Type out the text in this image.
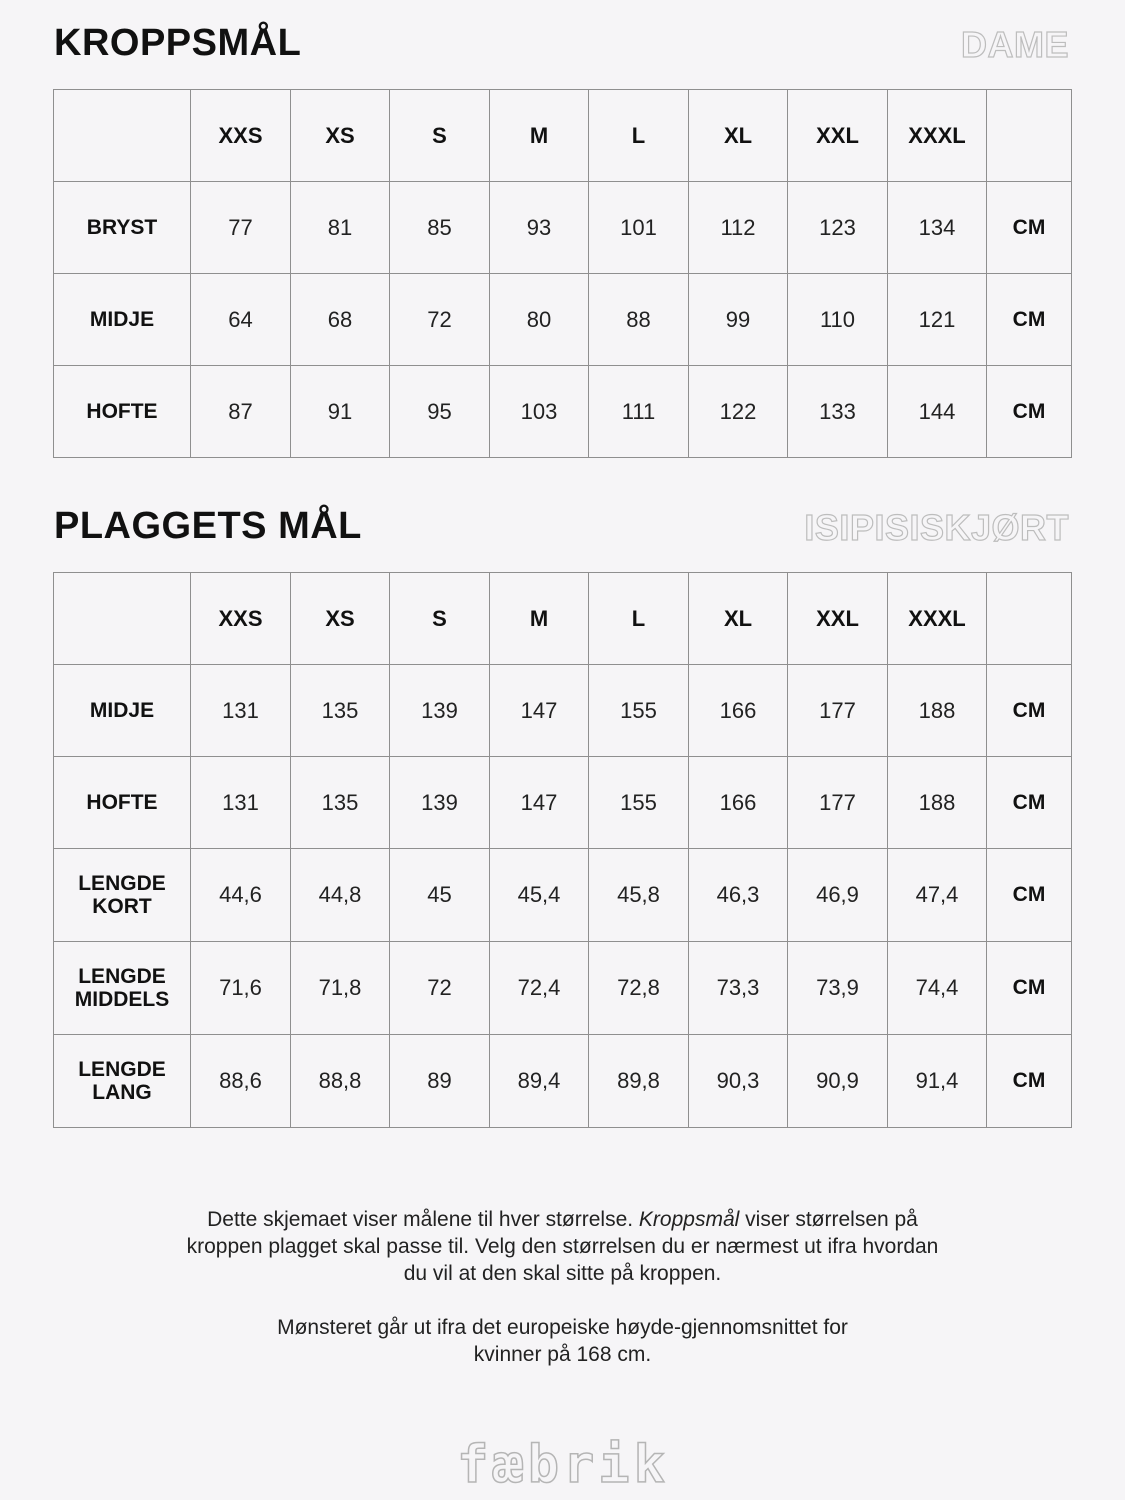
KROPPSMÅL	DAME
	XXS	XS	S	M	L	XL	XXL	XXXL	
BRYST	77	81	85	93	101	112	123	134	CM
MIDJE	64	68	72	80	88	99	110	121	CM
HOFTE	87	91	95	103	111	122	133	144	CM
PLAGGETS MÅL	ISIPISISKJØRT
	XXS	XS	S	M	L	XL	XXL	XXXL	
MIDJE	131	135	139	147	155	166	177	188	CM
HOFTE	131	135	139	147	155	166	177	188	CM
LENGDE KORT	44,6	44,8	45	45,4	45,8	46,3	46,9	47,4	CM
LENGDE MIDDELS	71,6	71,8	72	72,4	72,8	73,3	73,9	74,4	CM
LENGDE LANG	88,6	88,8	89	89,4	89,8	90,3	90,9	91,4	CM

Dette skjemaet viser målene til hver størrelse. Kroppsmål viser størrelsen på kroppen plagget skal passe til. Velg den størrelsen du er nærmest ut ifra hvordan du vil at den skal sitte på kroppen.

Mønsteret går ut ifra det europeiske høyde-gjennomsnittet for kvinner på 168 cm.

fæbrik
